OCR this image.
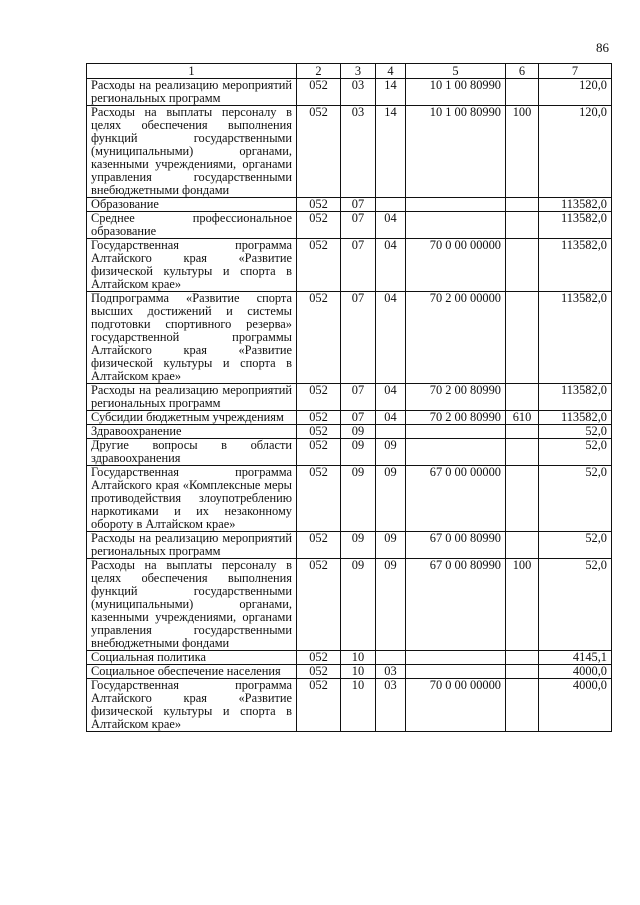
86
1	2	3	4	5	6	7
Расходы на реализацию мероприятий региональных программ	052	03	14	10 1 00 80990		120,0
Расходы на выплаты персоналу в целях обеспечения выполнения функций государственными (муниципальными) органами, казенными учреждениями, органами управления государственными внебюджетными фондами	052	03	14	10 1 00 80990	100	120,0
Образование	052	07				113582,0
Среднее профессиональное образование	052	07	04			113582,0
Государственная программа Алтайского края «Развитие физической культуры и спорта в Алтайском крае»	052	07	04	70 0 00 00000		113582,0
Подпрограмма «Развитие спорта высших достижений и системы подготовки спортивного резерва» государственной программы Алтайского края «Развитие физической культуры и спорта в Алтайском крае»	052	07	04	70 2 00 00000		113582,0
Расходы на реализацию мероприятий региональных программ	052	07	04	70 2 00 80990		113582,0
Субсидии бюджетным учреждениям	052	07	04	70 2 00 80990	610	113582,0
Здравоохранение	052	09				52,0
Другие вопросы в области здравоохранения	052	09	09			52,0
Государственная программа Алтайского края «Комплексные меры противодействия злоупотреблению наркотиками и их незаконному обороту в Алтайском крае»	052	09	09	67 0 00 00000		52,0
Расходы на реализацию мероприятий региональных программ	052	09	09	67 0 00 80990		52,0
Расходы на выплаты персоналу в целях обеспечения выполнения функций государственными (муниципальными) органами, казенными учреждениями, органами управления государственными внебюджетными фондами	052	09	09	67 0 00 80990	100	52,0
Социальная политика	052	10				4145,1
Социальное обеспечение населения	052	10	03			4000,0
Государственная программа Алтайского края «Развитие физической культуры и спорта в Алтайском крае»	052	10	03	70 0 00 00000		4000,0
